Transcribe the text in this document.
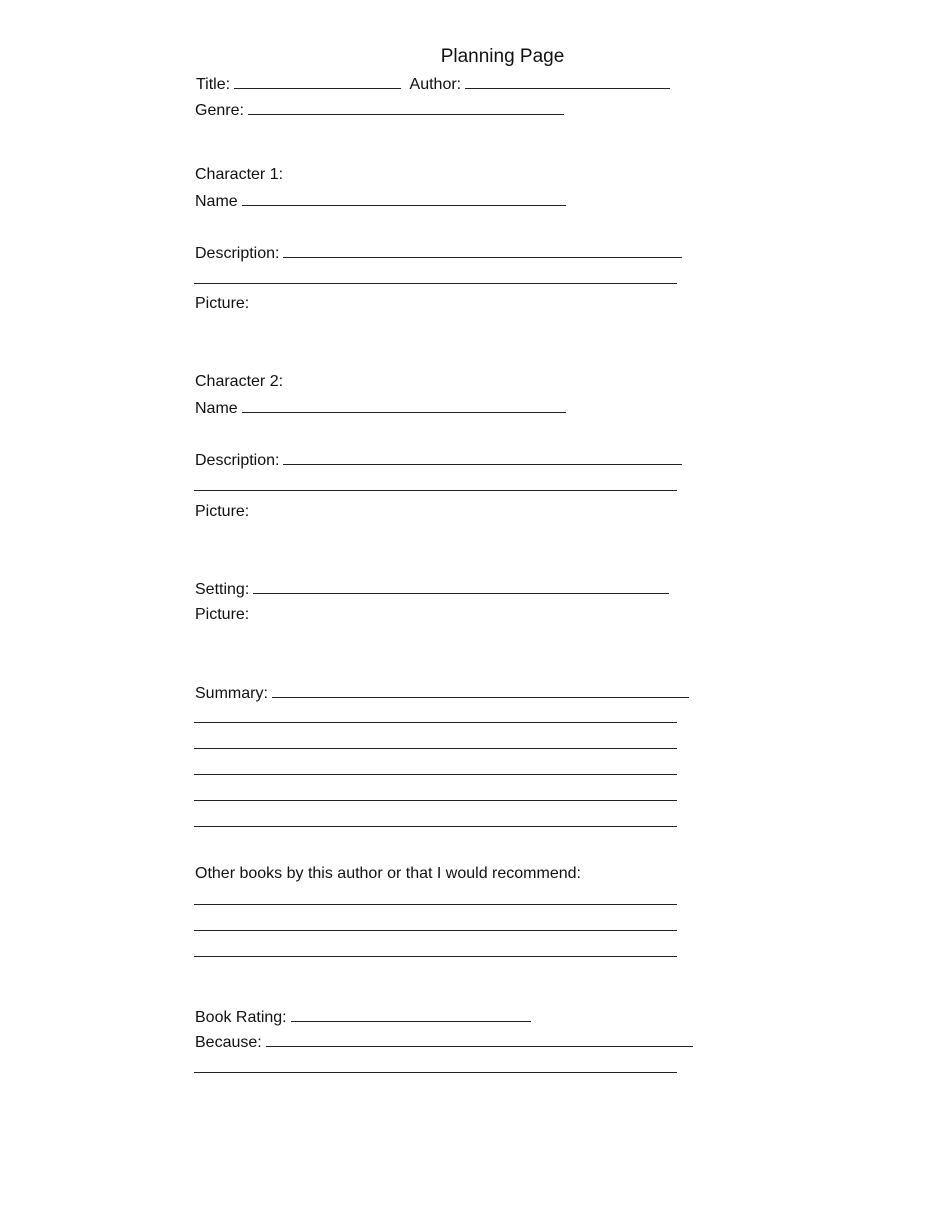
Planning Page
Title:	Author:
Genre:
Character 1:
Name
Description:
Picture:
Character 2:
Name
Description:
Picture:
Setting:
Picture:
Summary:
Other books by this author or that I would recommend:
Book Rating:
Because:
